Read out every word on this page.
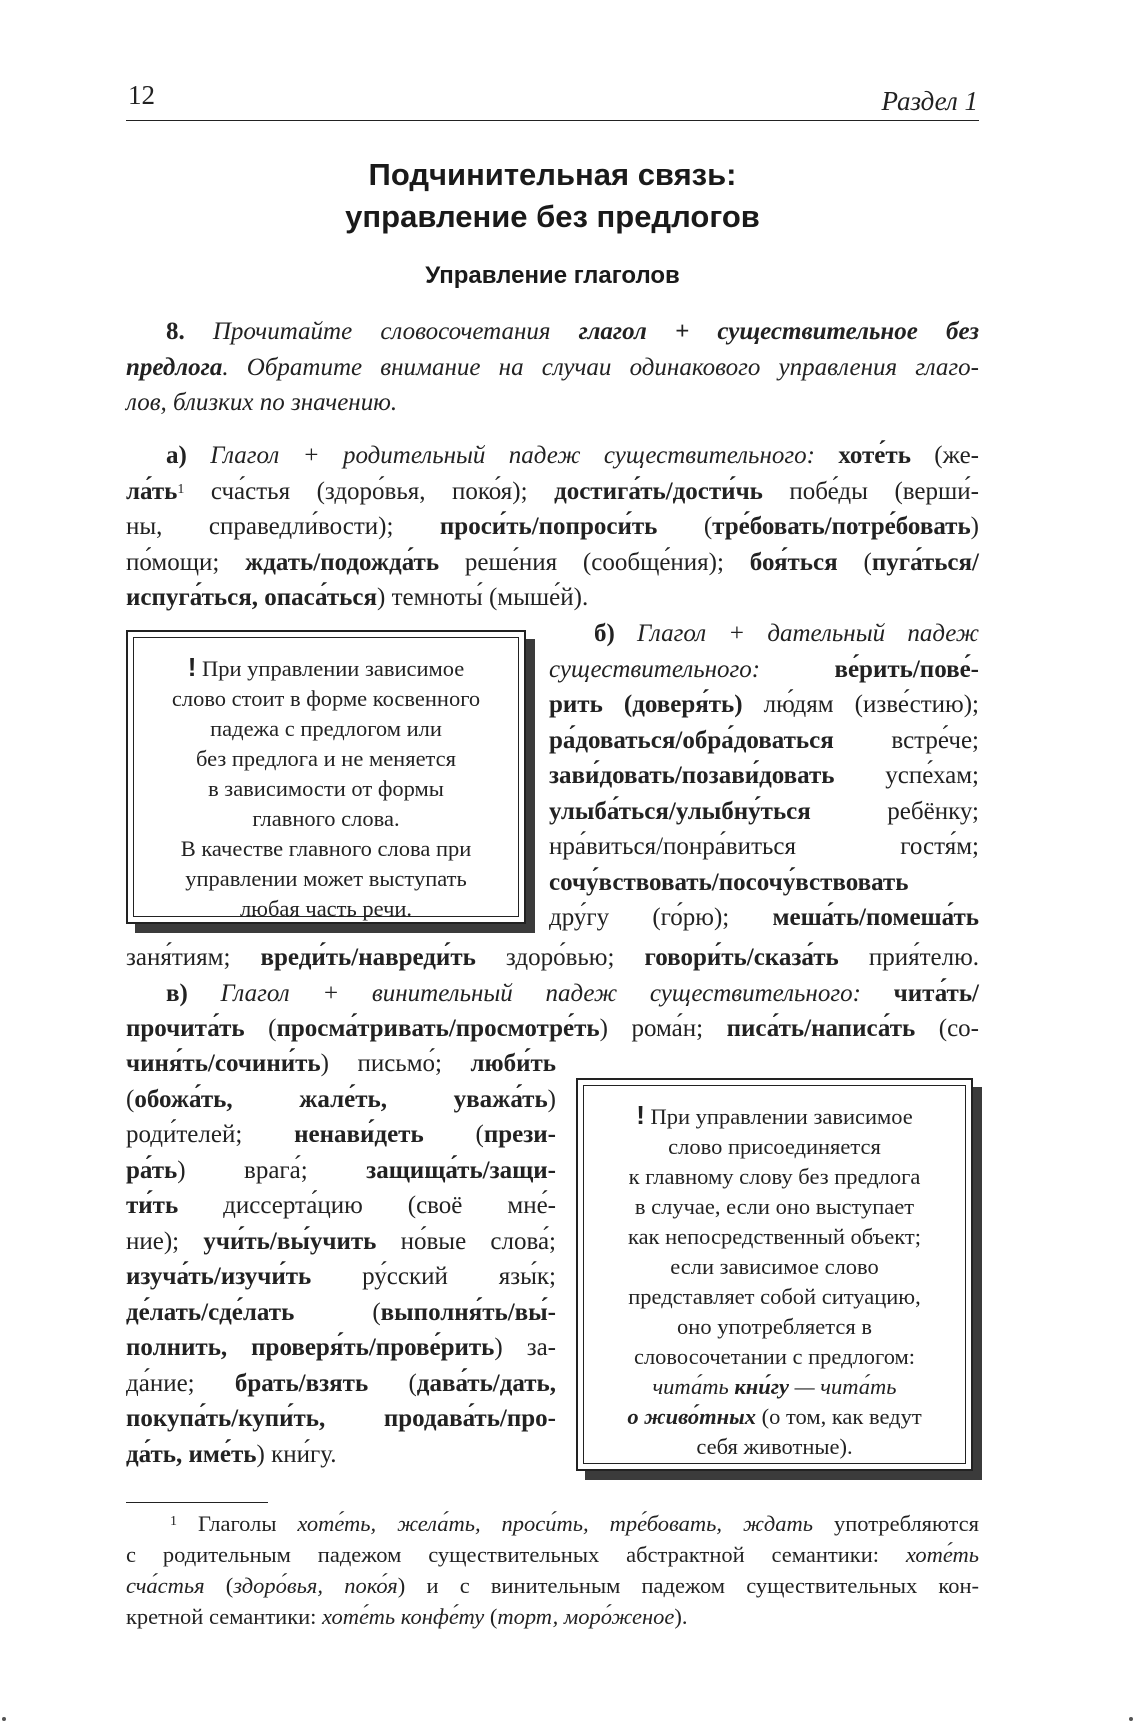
12	Раздел 1
Подчинительная связь:
управление без предлогов
Управление глаголов
8. Прочитайте словосочетания глагол + существительное без
предлога. Обратите внимание на случаи одинакового управления глаго-
лов, близких по значению.
а) Глагол + родительный падеж существительного: хоте́ть (же-
$ла́ть^1$ сча́стья (здоро́вья, поко́я); достига́ть/дости́чь побе́ды (верши́-
ны, справедли́вости); проси́ть/попроси́ть (тре́бовать/потре́бовать)
по́мощи; ждать/подожда́ть реше́ния (сообще́ния); боя́ться (пуга́ться/
испуга́ться, опаса́ться) темноты́ (мыше́й).
! При управлении зависимое
слово стоит в форме косвенного
падежа с предлогом или
без предлога и не меняется
в зависимости от формы
главного слова.
В качестве главного слова при
управлении может выступать
любая часть речи.
б) Глагол + дательный падеж
существительного: ве́рить/пове́-
рить (доверя́ть) лю́дям (изве́стию);
ра́доваться/обра́доваться встре́че;
зави́довать/позави́довать успе́хам;
улыба́ться/улыбну́ться ребёнку;
нра́виться/понра́виться гостя́м;
сочу́вствовать/посочу́вствовать
дру́гу (го́рю); меша́ть/помеша́ть
заня́тиям; вреди́ть/навреди́ть здоро́вью; говори́ть/сказа́ть прия́телю.
в) Глагол + винительный падеж существительного: чита́ть/
прочита́ть (просма́тривать/просмотре́ть) рома́н; писа́ть/написа́ть (со-
чиня́ть/сочини́ть) письмо́; люби́ть
(обожа́ть, жале́ть, уважа́ть)
роди́телей; ненави́деть (прези-
ра́ть) врага́; защища́ть/защи-
ти́ть диссерта́цию (своё мне́-
ние); учи́ть/вы́учить но́вые слова́;
изуча́ть/изучи́ть ру́сский язы́к;
де́лать/сде́лать (выполня́ть/вы́-
полнить, проверя́ть/прове́рить) за-
да́ние; брать/взять (дава́ть/дать,
покупа́ть/купи́ть, продава́ть/про-
да́ть, име́ть) кни́гу.
! При управлении зависимое
слово присоединяется
к главному слову без предлога
в случае, если оно выступает
как непосредственный объект;
если зависимое слово
представляет собой ситуацию,
оно употребляется в
словосочетании с предлогом:
чита́ть кни́гу — чита́ть
о живо́тных (о том, как ведут
себя животные).
$^1$ Глаголы хоте́ть, жела́ть, проси́ть, тре́бовать, ждать употребляются
с родительным падежом существительных абстрактной семантики: хоте́ть
сча́стья (здоро́вья, поко́я) и с винительным падежом существительных кон-
кретной семантики: хоте́ть конфе́ту (торт, моро́женое).
